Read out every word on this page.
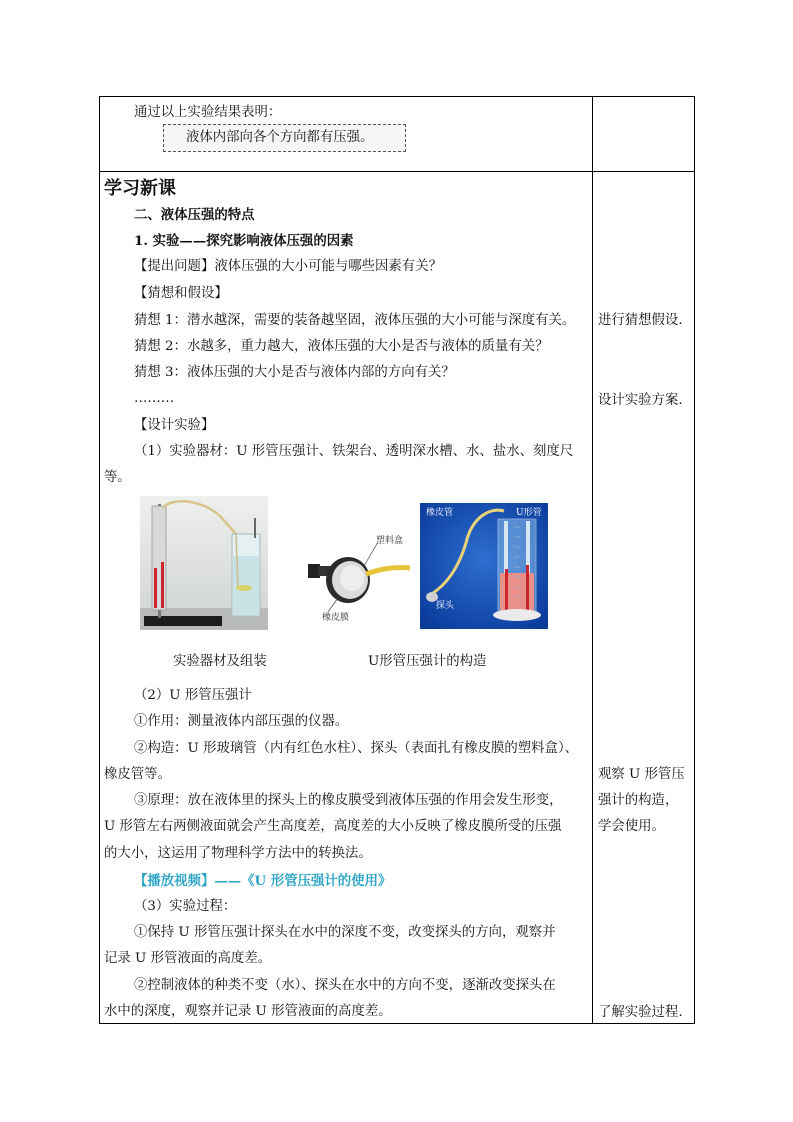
通过以上实验结果表明：
液体内部向各个方向都有压强。
学习新课
二、液体压强的特点
1. 实验——探究影响液体压强的因素
【提出问题】液体压强的大小可能与哪些因素有关？
【猜想和假设】
猜想 1：潜水越深，需要的装备越坚固，液体压强的大小可能与深度有关。
猜想 2：水越多，重力越大，液体压强的大小是否与液体的质量有关？
猜想 3：液体压强的大小是否与液体内部的方向有关？
………
【设计实验】
（1）实验器材：U 形管压强计、铁架台、透明深水槽、水、盐水、刻度尺
等。
塑料盒
橡皮膜
橡皮管	U形管
探头
实验器材及组装	U形管压强计的构造
（2）U 形管压强计
①作用：测量液体内部压强的仪器。
②构造：U 形玻璃管（内有红色水柱）、探头（表面扎有橡皮膜的塑料盒）、
橡皮管等。
③原理：放在液体里的探头上的橡皮膜受到液体压强的作用会发生形变，
U 形管左右两侧液面就会产生高度差，高度差的大小反映了橡皮膜所受的压强
的大小，这运用了物理科学方法中的转换法。
【播放视频】——《U 形管压强计的使用》
（3）实验过程：
①保持 U 形管压强计探头在水中的深度不变，改变探头的方向，观察并
记录 U 形管液面的高度差。
②控制液体的种类不变（水）、探头在水中的方向不变，逐渐改变探头在
水中的深度，观察并记录 U 形管液面的高度差。
进行猜想假设.
设计实验方案.
观察 U 形管压
强计的构造，
学会使用。
了解实验过程.
